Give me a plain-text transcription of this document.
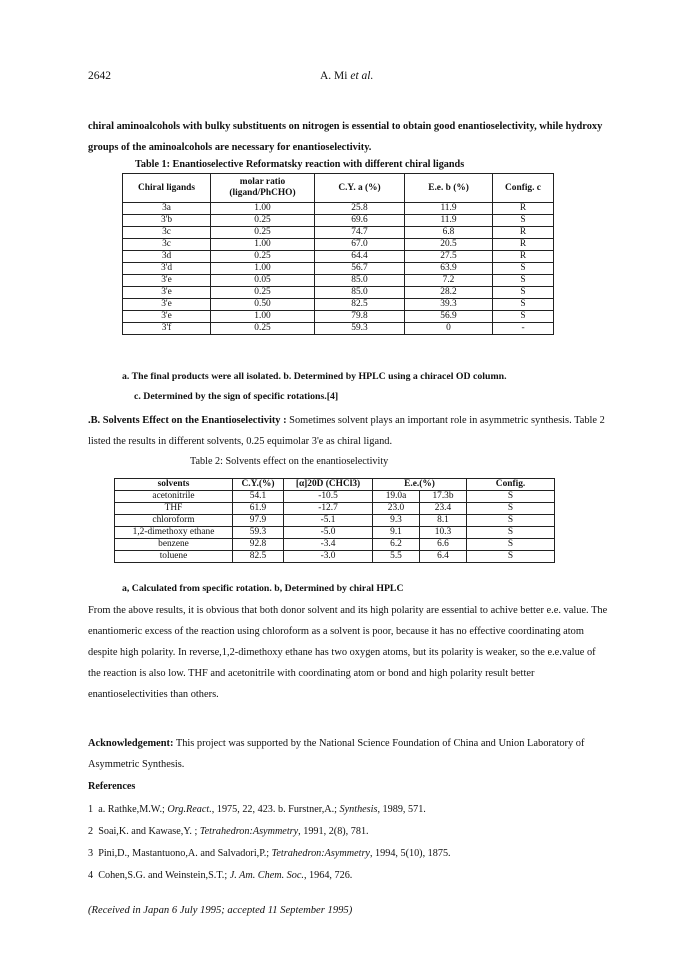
2642	A. Mi et al.

chiral aminoalcohols with bulky substituents on nitrogen is essential to obtain good enantioselectivity, while hydroxy groups of the aminoalcohols are necessary for enantioselectivity.

Table 1: Enantioselective Reformatsky reaction with different chiral ligands
Chiral ligands	molar ratio (ligand/PhCHO)	C.Y. a (%)	E.e. b (%)	Config. c
3a	1.00	25.8	11.9	R
3'b	0.25	69.6	11.9	S
3c	0.25	74.7	6.8	R
3c	1.00	67.0	20.5	R
3d	0.25	64.4	27.5	R
3'd	1.00	56.7	63.9	S
3'e	0.05	85.0	7.2	S
3'e	0.25	85.0	28.2	S
3'e	0.50	82.5	39.3	S
3'e	1.00	79.8	56.9	S
3'f	0.25	59.3	0	-
a. The final products were all isolated. b. Determined by HPLC using a chiracel OD column.
c. Determined by the sign of specific rotations.[4]

.B. Solvents Effect on the Enantioselectivity : Sometimes solvent plays an important role in asymmetric synthesis. Table 2 listed the results in different solvents, 0.25 equimolar 3'e as chiral ligand.

Table 2: Solvents effect on the enantioselectivity
solvents	C.Y.(%)	[α]20D (CHCl3)	E.e.(%)		Config.
acetonitrile	54.1	-10.5	19.0a	17.3b	S
THF	61.9	-12.7	23.0	23.4	S
chloroform	97.9	-5.1	9.3	8.1	S
1,2-dimethoxy ethane	59.3	-5.0	9.1	10.3	S
benzene	92.8	-3.4	6.2	6.6	S
toluene	82.5	-3.0	5.5	6.4	S
a, Calculated from specific rotation. b, Determined by chiral HPLC

From the above results, it is obvious that both donor solvent and its high polarity are essential to achive better e.e. value. The enantiomeric excess of the reaction using chloroform as a solvent is poor, because it has no effective coordinating atom despite high polarity. In reverse,1,2-dimethoxy ethane has two oxygen atoms, but its polarity is weaker, so the e.e.value of the reaction is also low. THF and acetonitrile with coordinating atom or bond and high polarity result better enantioselectivities than others.

Acknowledgement: This project was supported by the National Science Foundation of China and Union Laboratory of Asymmetric Synthesis.

References
1 a. Rathke,M.W.; Org.React., 1975, 22, 423. b. Furstner,A.; Synthesis, 1989, 571.
2 Soai,K. and Kawase,Y. ; Tetrahedron:Asymmetry, 1991, 2(8), 781.
3 Pini,D., Mastantuono,A. and Salvadori,P.; Tetrahedron:Asymmetry, 1994, 5(10), 1875.
4 Cohen,S.G. and Weinstein,S.T.; J. Am. Chem. Soc., 1964, 726.
(Received in Japan 6 July 1995; accepted 11 September 1995)
